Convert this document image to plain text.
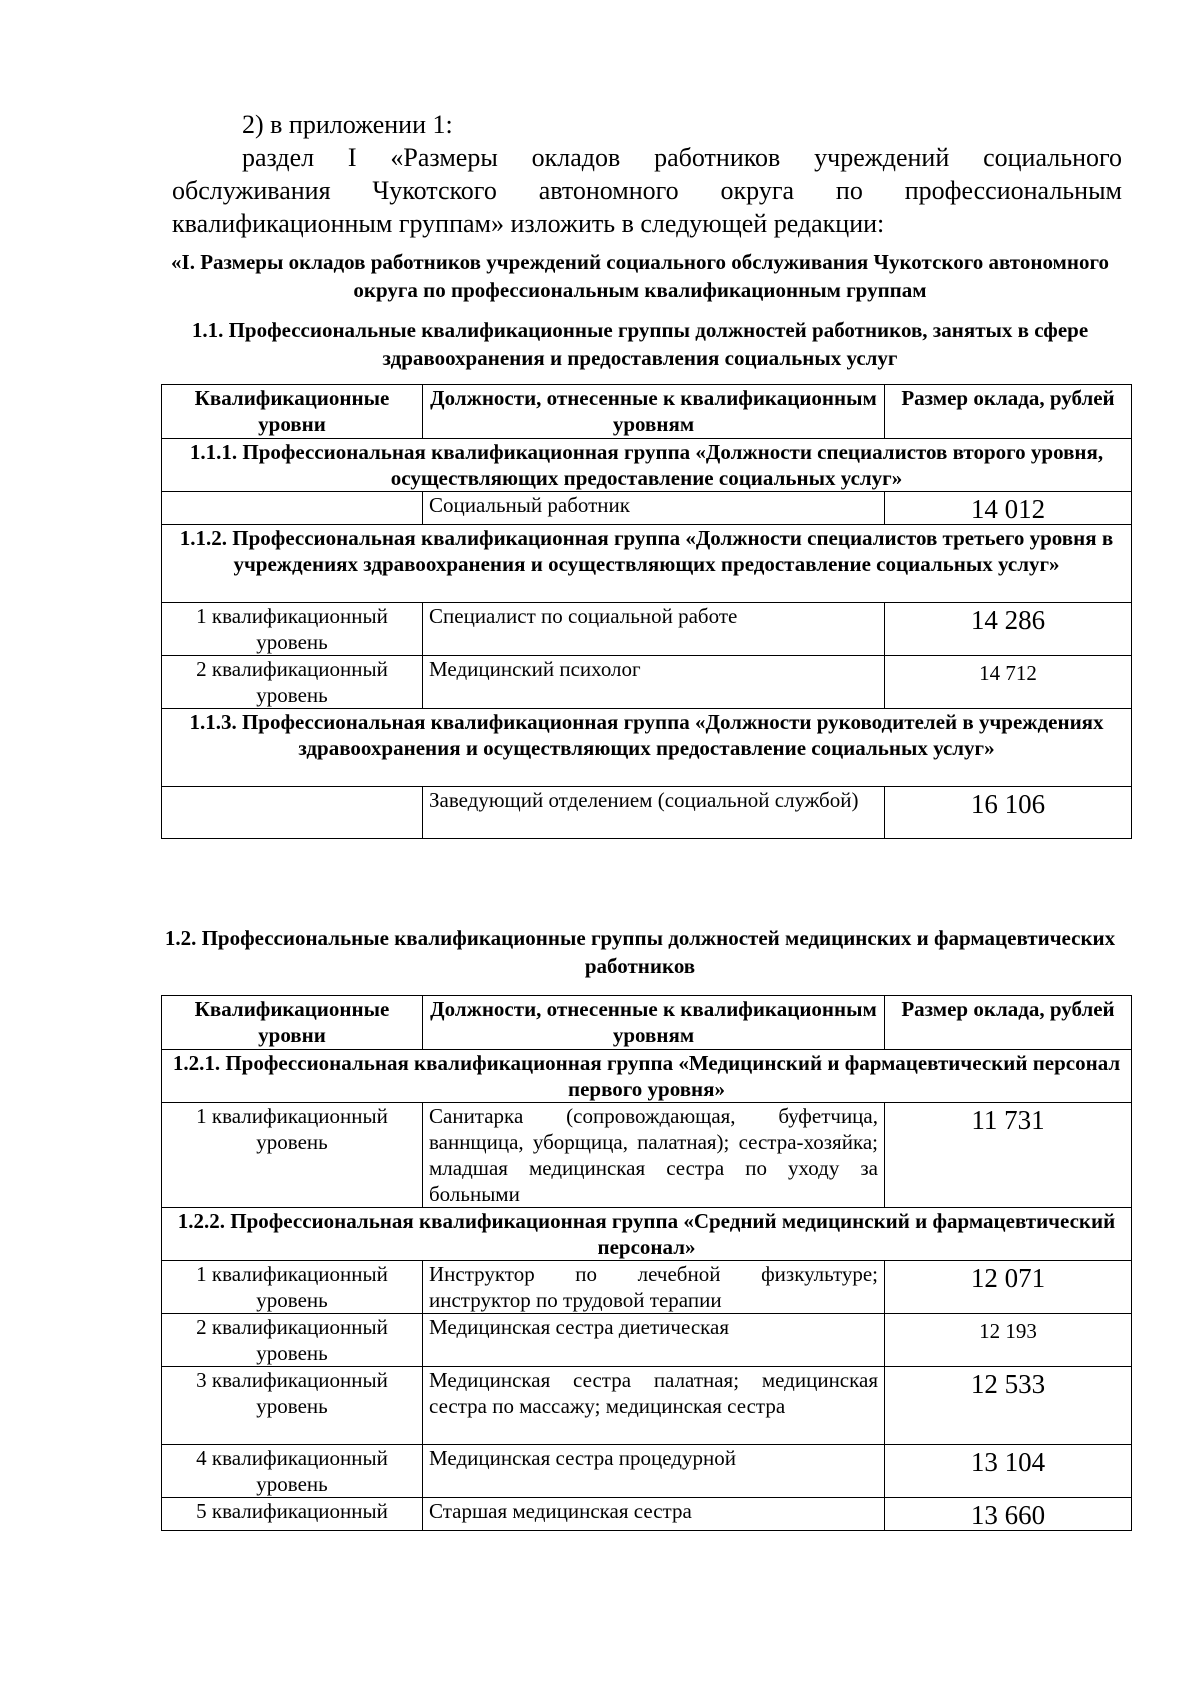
2) в приложении 1:
раздел I «Размеры окладов работников учреждений социального обслуживания Чукотского автономного округа по профессиональным квалификационным группам» изложить в следующей редакции:
«I. Размеры окладов работников учреждений социального обслуживания Чукотского автономного округа по профессиональным квалификационным группам
1.1. Профессиональные квалификационные группы должностей работников, занятых в сфере здравоохранения и предоставления социальных услуг
Квалификационные уровни	Должности, отнесенные к квалификационным уровням	Размер оклада, рублей
1.1.1. Профессиональная квалификационная группа «Должности специалистов второго уровня, осуществляющих предоставление социальных услуг»		
	Социальный работник	14 012
1.1.2. Профессиональная квалификационная группа «Должности специалистов третьего уровня в учреждениях здравоохранения и осуществляющих предоставление социальных услуг»		
1 квалификационный уровень	Специалист по социальной работе	14 286
2 квалификационный уровень	Медицинский психолог	14 712
1.1.3. Профессиональная квалификационная группа «Должности руководителей в учреждениях здравоохранения и осуществляющих предоставление социальных услуг»		
	Заведующий отделением (социальной службой)	16 106
1.2. Профессиональные квалификационные группы должностей медицинских и фармацевтических работников
Квалификационные уровни	Должности, отнесенные к квалификационным уровням	Размер оклада, рублей
1.2.1. Профессиональная квалификационная группа «Медицинский и фармацевтический персонал первого уровня»		
1 квалификационный уровень	Санитарка (сопровождающая, буфетчица, ваннщица, уборщица, палатная); сестра-хозяйка; младшая медицинская сестра по уходу за больными	11 731
1.2.2. Профессиональная квалификационная группа «Средний медицинский и фармацевтический персонал»		
1 квалификационный уровень	Инструктор по лечебной физкультуре; инструктор по трудовой терапии	12 071
2 квалификационный уровень	Медицинская сестра диетическая	12 193
3 квалификационный уровень	Медицинская сестра палатная; медицинская сестра по массажу; медицинская сестра	12 533
4 квалификационный уровень	Медицинская сестра процедурной	13 104
5 квалификационный	Старшая медицинская сестра	13 660
